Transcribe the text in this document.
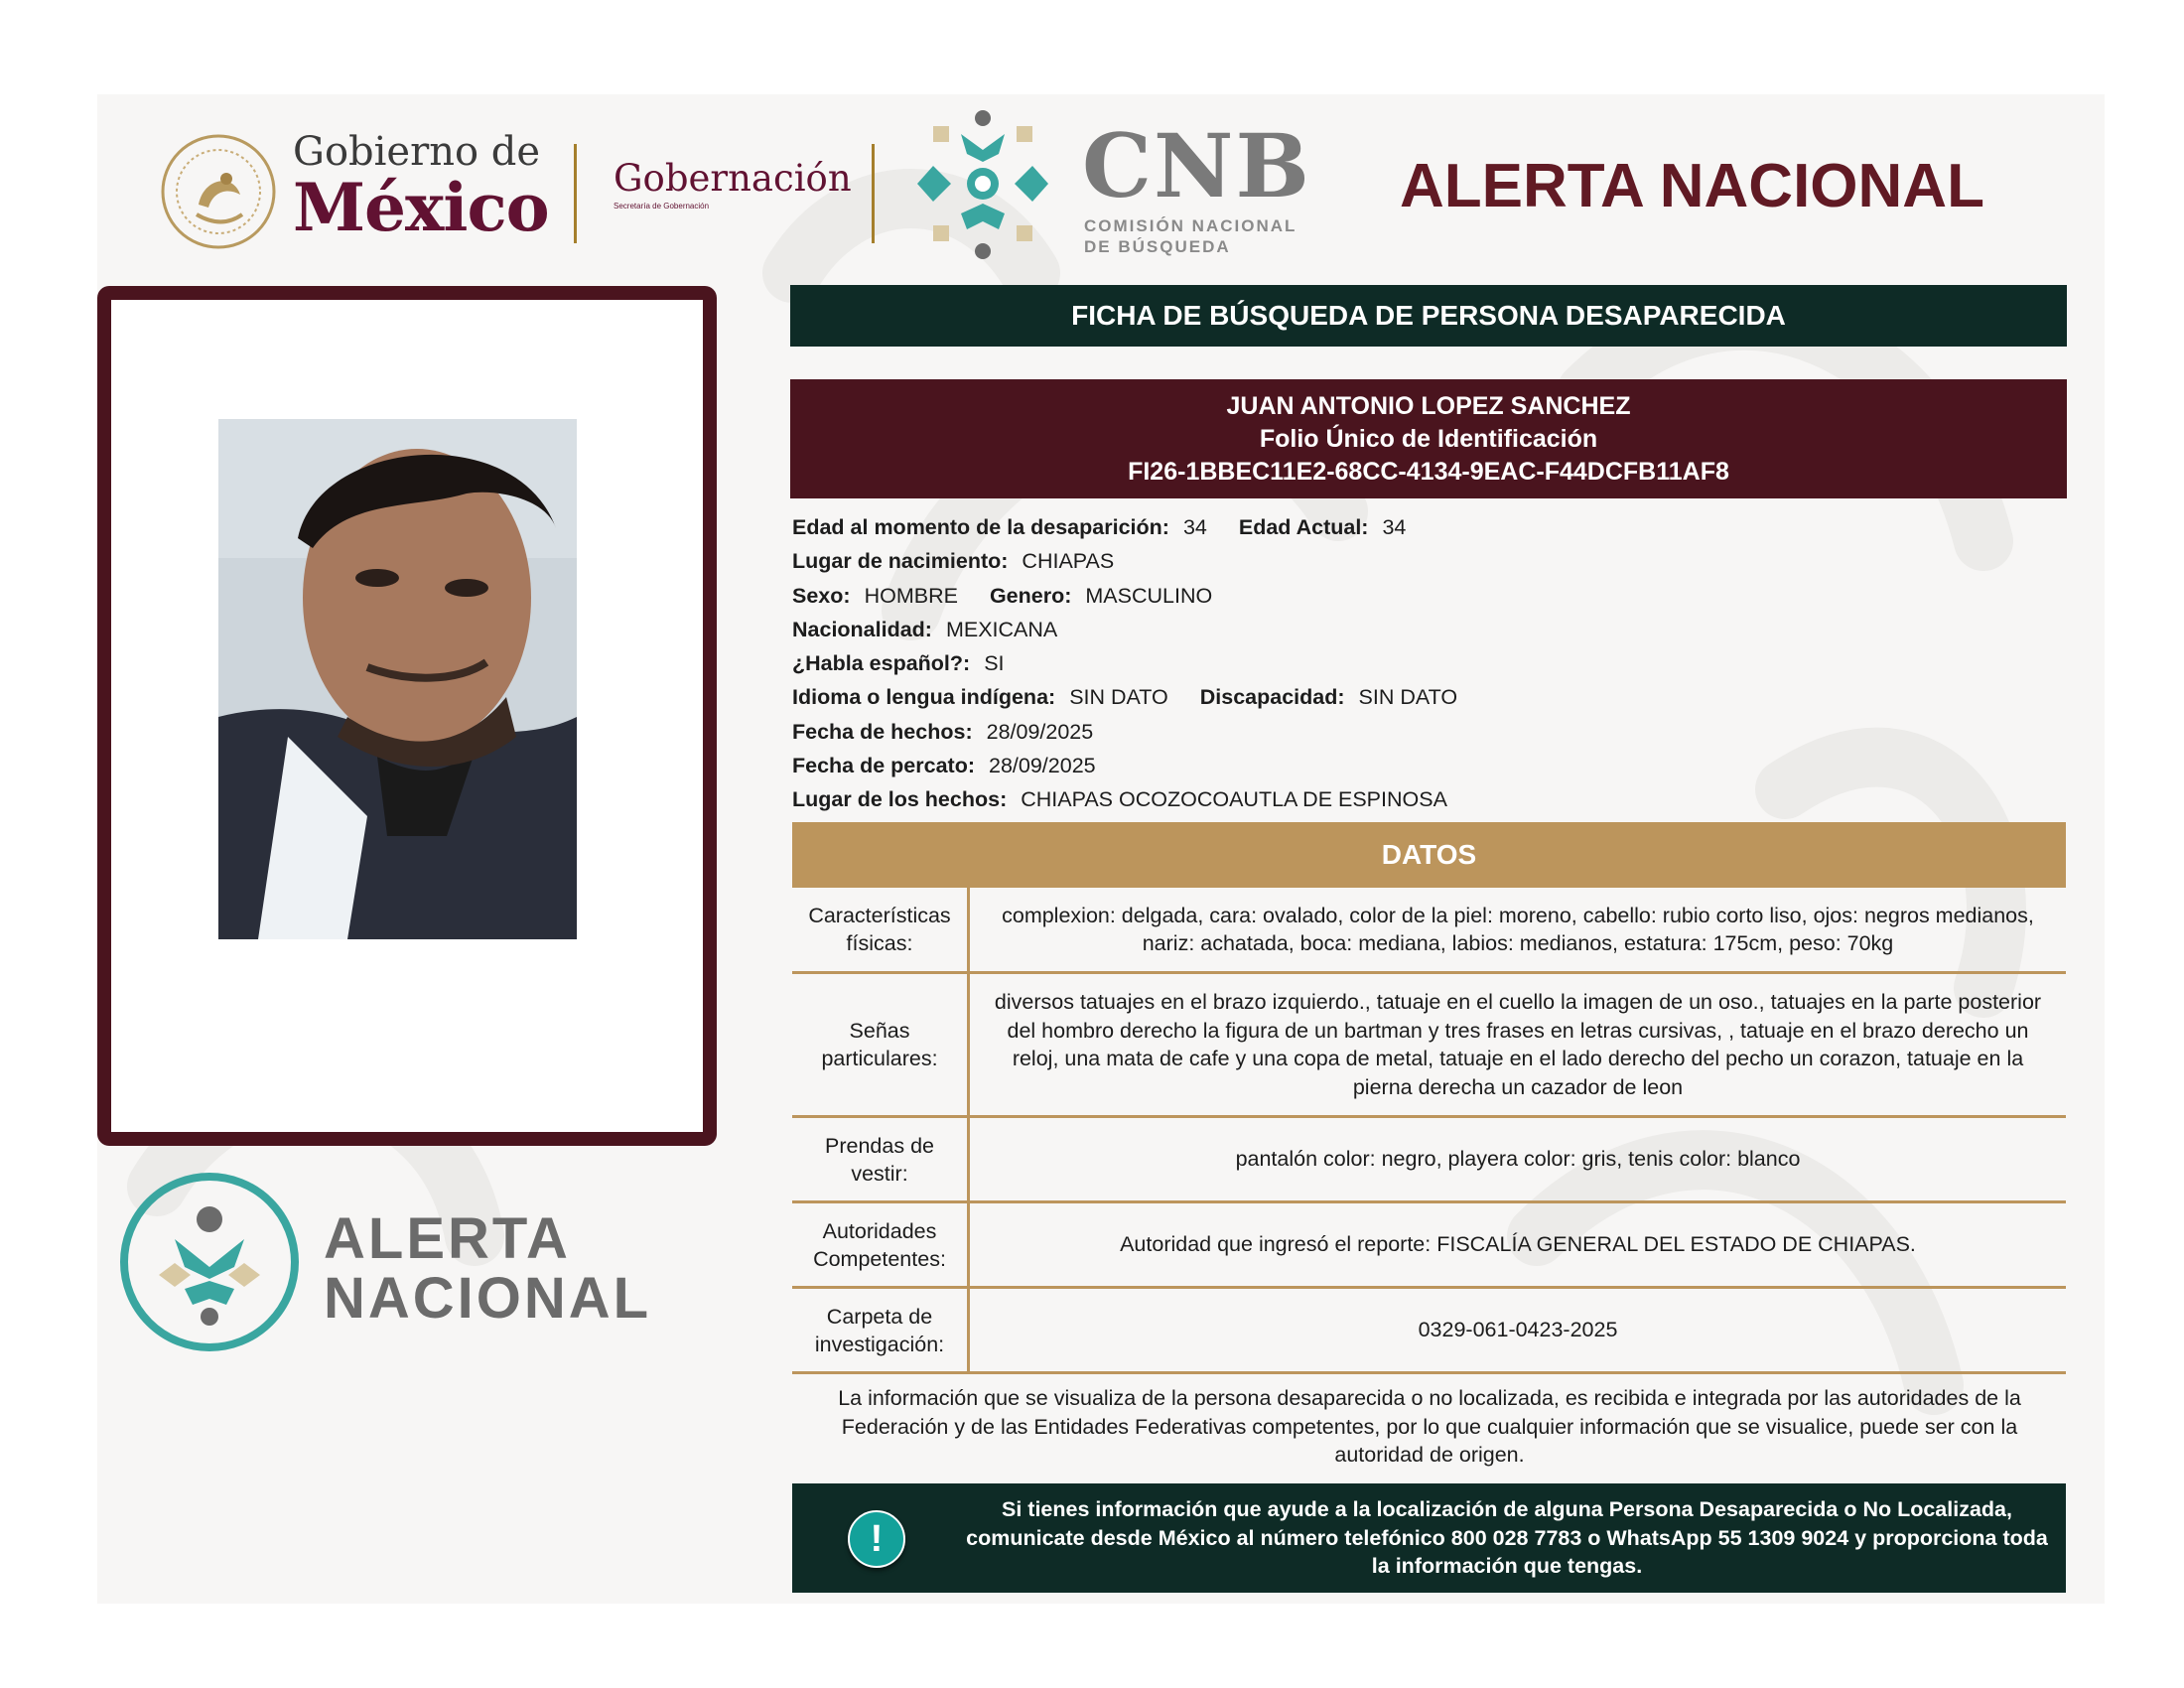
Gobierno de
México Gobernación
Secretaría de Gobernación	CNB
COMISIÓN NACIONAL
DE BÚSQUEDA
ALERTA NACIONAL
ALERTA
NACIONAL
FICHA DE BÚSQUEDA DE PERSONA DESAPARECIDA
JUAN ANTONIO LOPEZ SANCHEZ
Folio Único de Identificación
FI26-1BBEC11E2-68CC-4134-9EAC-F44DCFB11AF8
Edad al momento de la desaparición: 34 Edad Actual: 34
Lugar de nacimiento: CHIAPAS
Sexo: HOMBRE Genero: MASCULINO
Nacionalidad: MEXICANA
¿Habla español?: SI
Idioma o lengua indígena: SIN DATO Discapacidad: SIN DATO
Fecha de hechos: 28/09/2025
Fecha de percato: 28/09/2025
Lugar de los hechos: CHIAPAS OCOZOCOAUTLA DE ESPINOSA
DATOS
Características físicas:
complexion: delgada, cara: ovalado, color de la piel: moreno, cabello: rubio corto liso, ojos: negros medianos, nariz: achatada, boca: mediana, labios: medianos, estatura: 175cm, peso: 70kg
Señas particulares:
diversos tatuajes en el brazo izquierdo., tatuaje en el cuello la imagen de un oso., tatuajes en la parte posterior del hombro derecho la figura de un bartman y tres frases en letras cursivas, , tatuaje en el brazo derecho un reloj, una mata de cafe y una copa de metal, tatuaje en el lado derecho del pecho un corazon, tatuaje en la pierna derecha un cazador de leon
Prendas de vestir:
pantalón color: negro, playera color: gris, tenis color: blanco
Autoridades Competentes:
Autoridad que ingresó el reporte: FISCALÍA GENERAL DEL ESTADO DE CHIAPAS.
Carpeta de investigación:
0329-061-0423-2025
La información que se visualiza de la persona desaparecida o no localizada, es recibida e integrada por las autoridades de la Federación y de las Entidades Federativas competentes, por lo que cualquier información que se visualice, puede ser con la autoridad de origen.
!
Si tienes información que ayude a la localización de alguna Persona Desaparecida o No Localizada, comunicate desde México al número telefónico 800 028 7783 o WhatsApp 55 1309 9024 y proporciona toda la información que tengas.
